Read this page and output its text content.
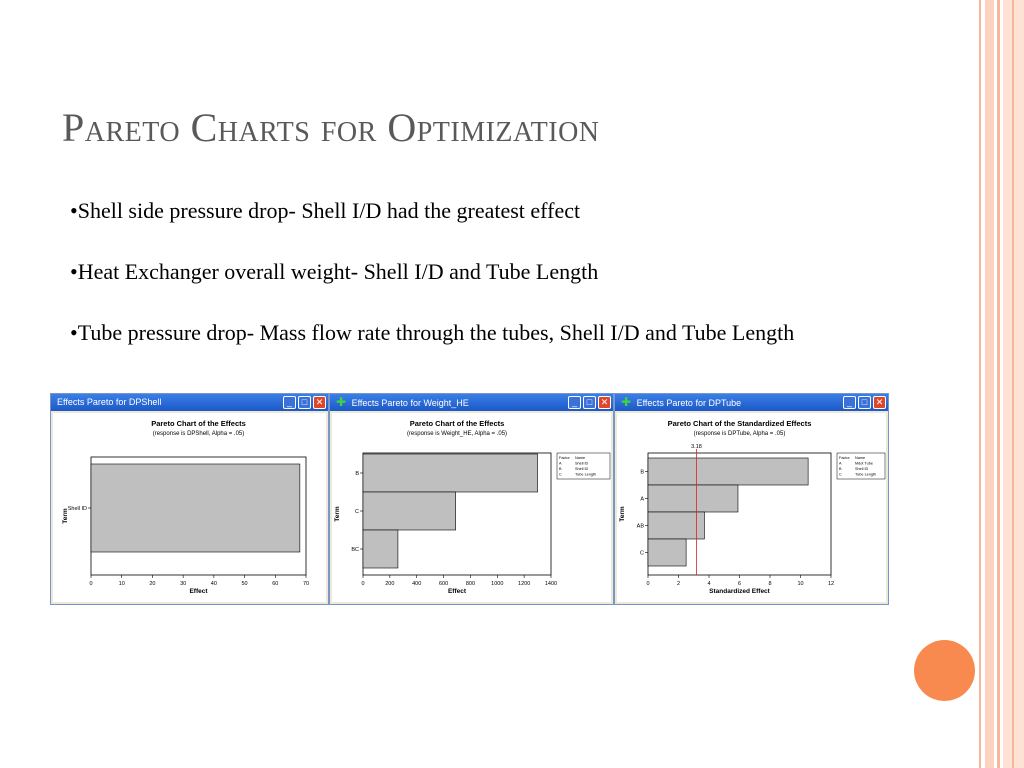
Pareto Charts for Optimization

•Shell side pressure drop- Shell I/D had the greatest effect

•Heat Exchanger overall weight- Shell I/D and Tube Length

•Tube pressure drop- Mass flow rate through the tubes, Shell I/D and Tube Length

Effects Pareto for DPShell	_	□ ✕
Pareto Chart of the Effects
(response is DPShell, Alpha = .05)
Shell ID
0	10	20	30	40	50	60	70
Effect
Term
✚ Effects Pareto for Weight_HE	_	□ ✕
Pareto Chart of the Effects
(response is Weight_HE, Alpha = .05)
B
C
BC
0	200	400	600	800	1000	1200	1400
Effect
Term
Factor Name
A	Shell ID
B	Shell ID
C	Tube Length
✚ Effects Pareto for DPTube	_	□ ✕
Pareto Chart of the Standardized Effects
(response is DPTube, Alpha = .05)
B
A
AB
C
0	2	4	6	8	10	12
Standardized Effect
Term
3.18
Factor Name
A	Mdot Tube
B	Shell ID
C	Tube Length
